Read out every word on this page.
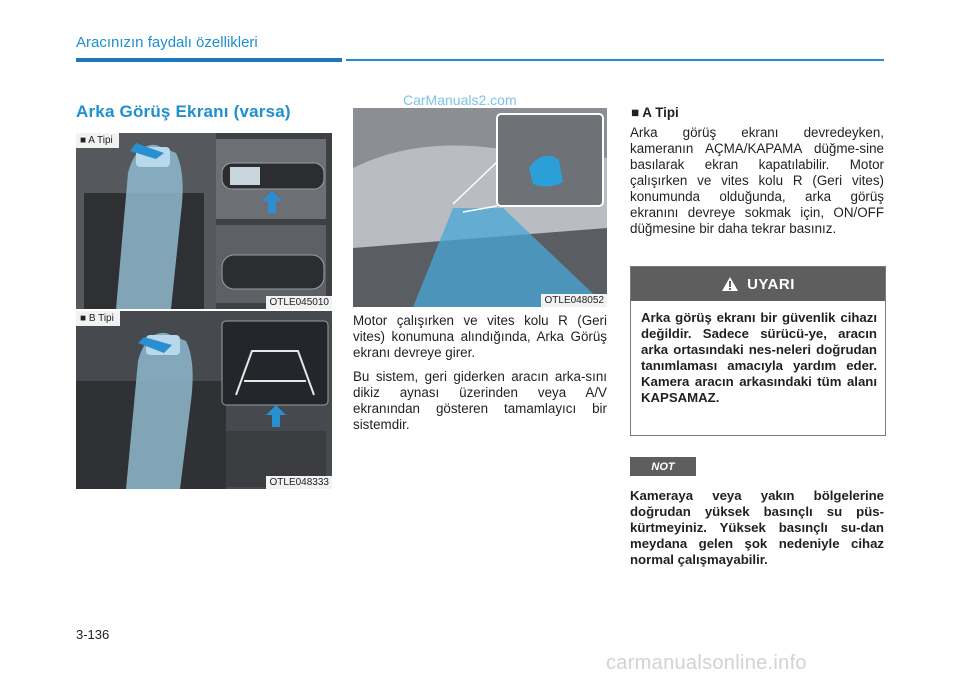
Aracınızın faydalı özellikleri
Arka Görüş Ekranı (varsa)
■ A Tipi
OTLE045010
■ B Tipi
OTLE048333
OTLE048052

Motor çalışırken ve vites kolu R (Geri vites) konumuna alındığında, Arka Görüş ekranı devreye girer.

Bu sistem, geri giderken aracın arka-sını dikiz aynası üzerinden veya A/V ekranından gösteren tamamlayıcı bir sistemdir.

■ A Tipi
Arka görüş ekranı devredeyken, kameranın AÇMA/KAPAMA düğme-sine basılarak ekran kapatılabilir. Motor çalışırken ve vites kolu R (Geri vites) konumunda olduğunda, arka görüş ekranını devreye sokmak için, ON/OFF düğmesine bir daha tekrar basınız.
UYARI
Arka görüş ekranı bir güvenlik cihazı değildir. Sadece sürücü-ye, aracın arka ortasındaki nes-neleri doğrudan tanımlaması amacıyla yardım eder. Kamera aracın arkasındaki tüm alanı KAPSAMAZ.
NOT
Kameraya veya yakın bölgelerine doğrudan yüksek basınçlı su püs-kürtmeyiniz. Yüksek basınçlı su-dan meydana gelen şok nedeniyle cihaz normal çalışmayabilir.
3-136
CarManuals2.com
carmanualsonline.info
